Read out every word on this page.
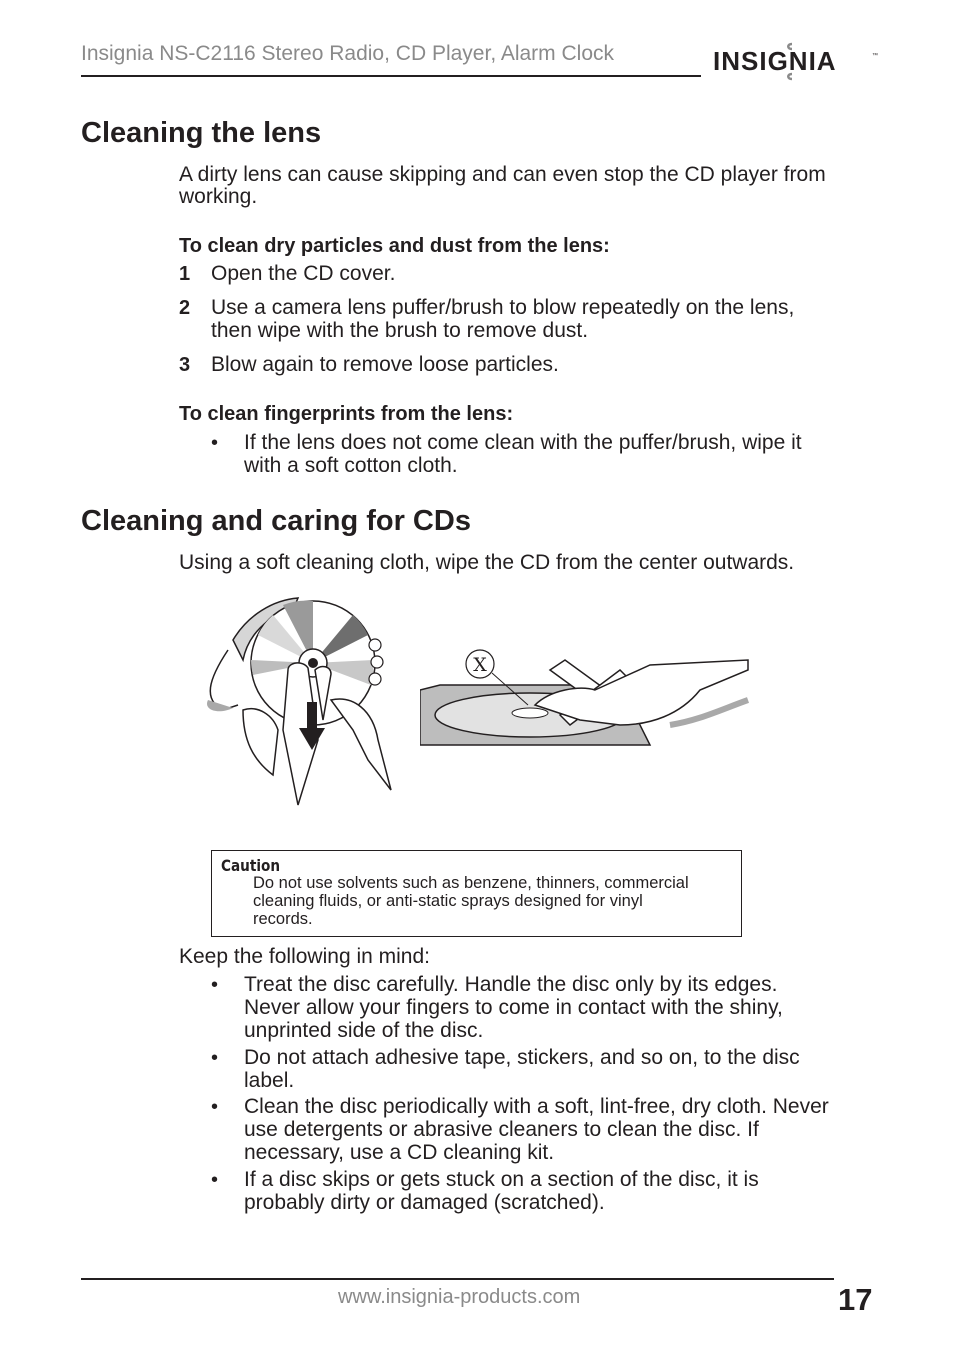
Insignia NS-C2116 Stereo Radio, CD Player, Alarm Clock	INSIGNIA	™
Cleaning the lens
A dirty lens can cause skipping and can even stop the CD player from
working.
To clean dry particles and dust from the lens:
1 Open the CD cover.
2 Use a camera lens puffer/brush to blow repeatedly on the lens,
then wipe with the brush to remove dust.
3 Blow again to remove loose particles.
To clean fingerprints from the lens:
• If the lens does not come clean with the puffer/brush, wipe it
with a soft cotton cloth.
Cleaning and caring for CDs
Using a soft cleaning cloth, wipe the CD from the center outwards.
X
Caution
Do not use solvents such as benzene, thinners, commercial
cleaning fluids, or anti-static sprays designed for vinyl
records.
Keep the following in mind:
• Treat the disc carefully. Handle the disc only by its edges.
Never allow your fingers to come in contact with the shiny,
unprinted side of the disc.
• Do not attach adhesive tape, stickers, and so on, to the disc
label.
• Clean the disc periodically with a soft, lint-free, dry cloth. Never
use detergents or abrasive cleaners to clean the disc. If
necessary, use a CD cleaning kit.
• If a disc skips or gets stuck on a section of the disc, it is
probably dirty or damaged (scratched).
www.insignia-products.com	17
